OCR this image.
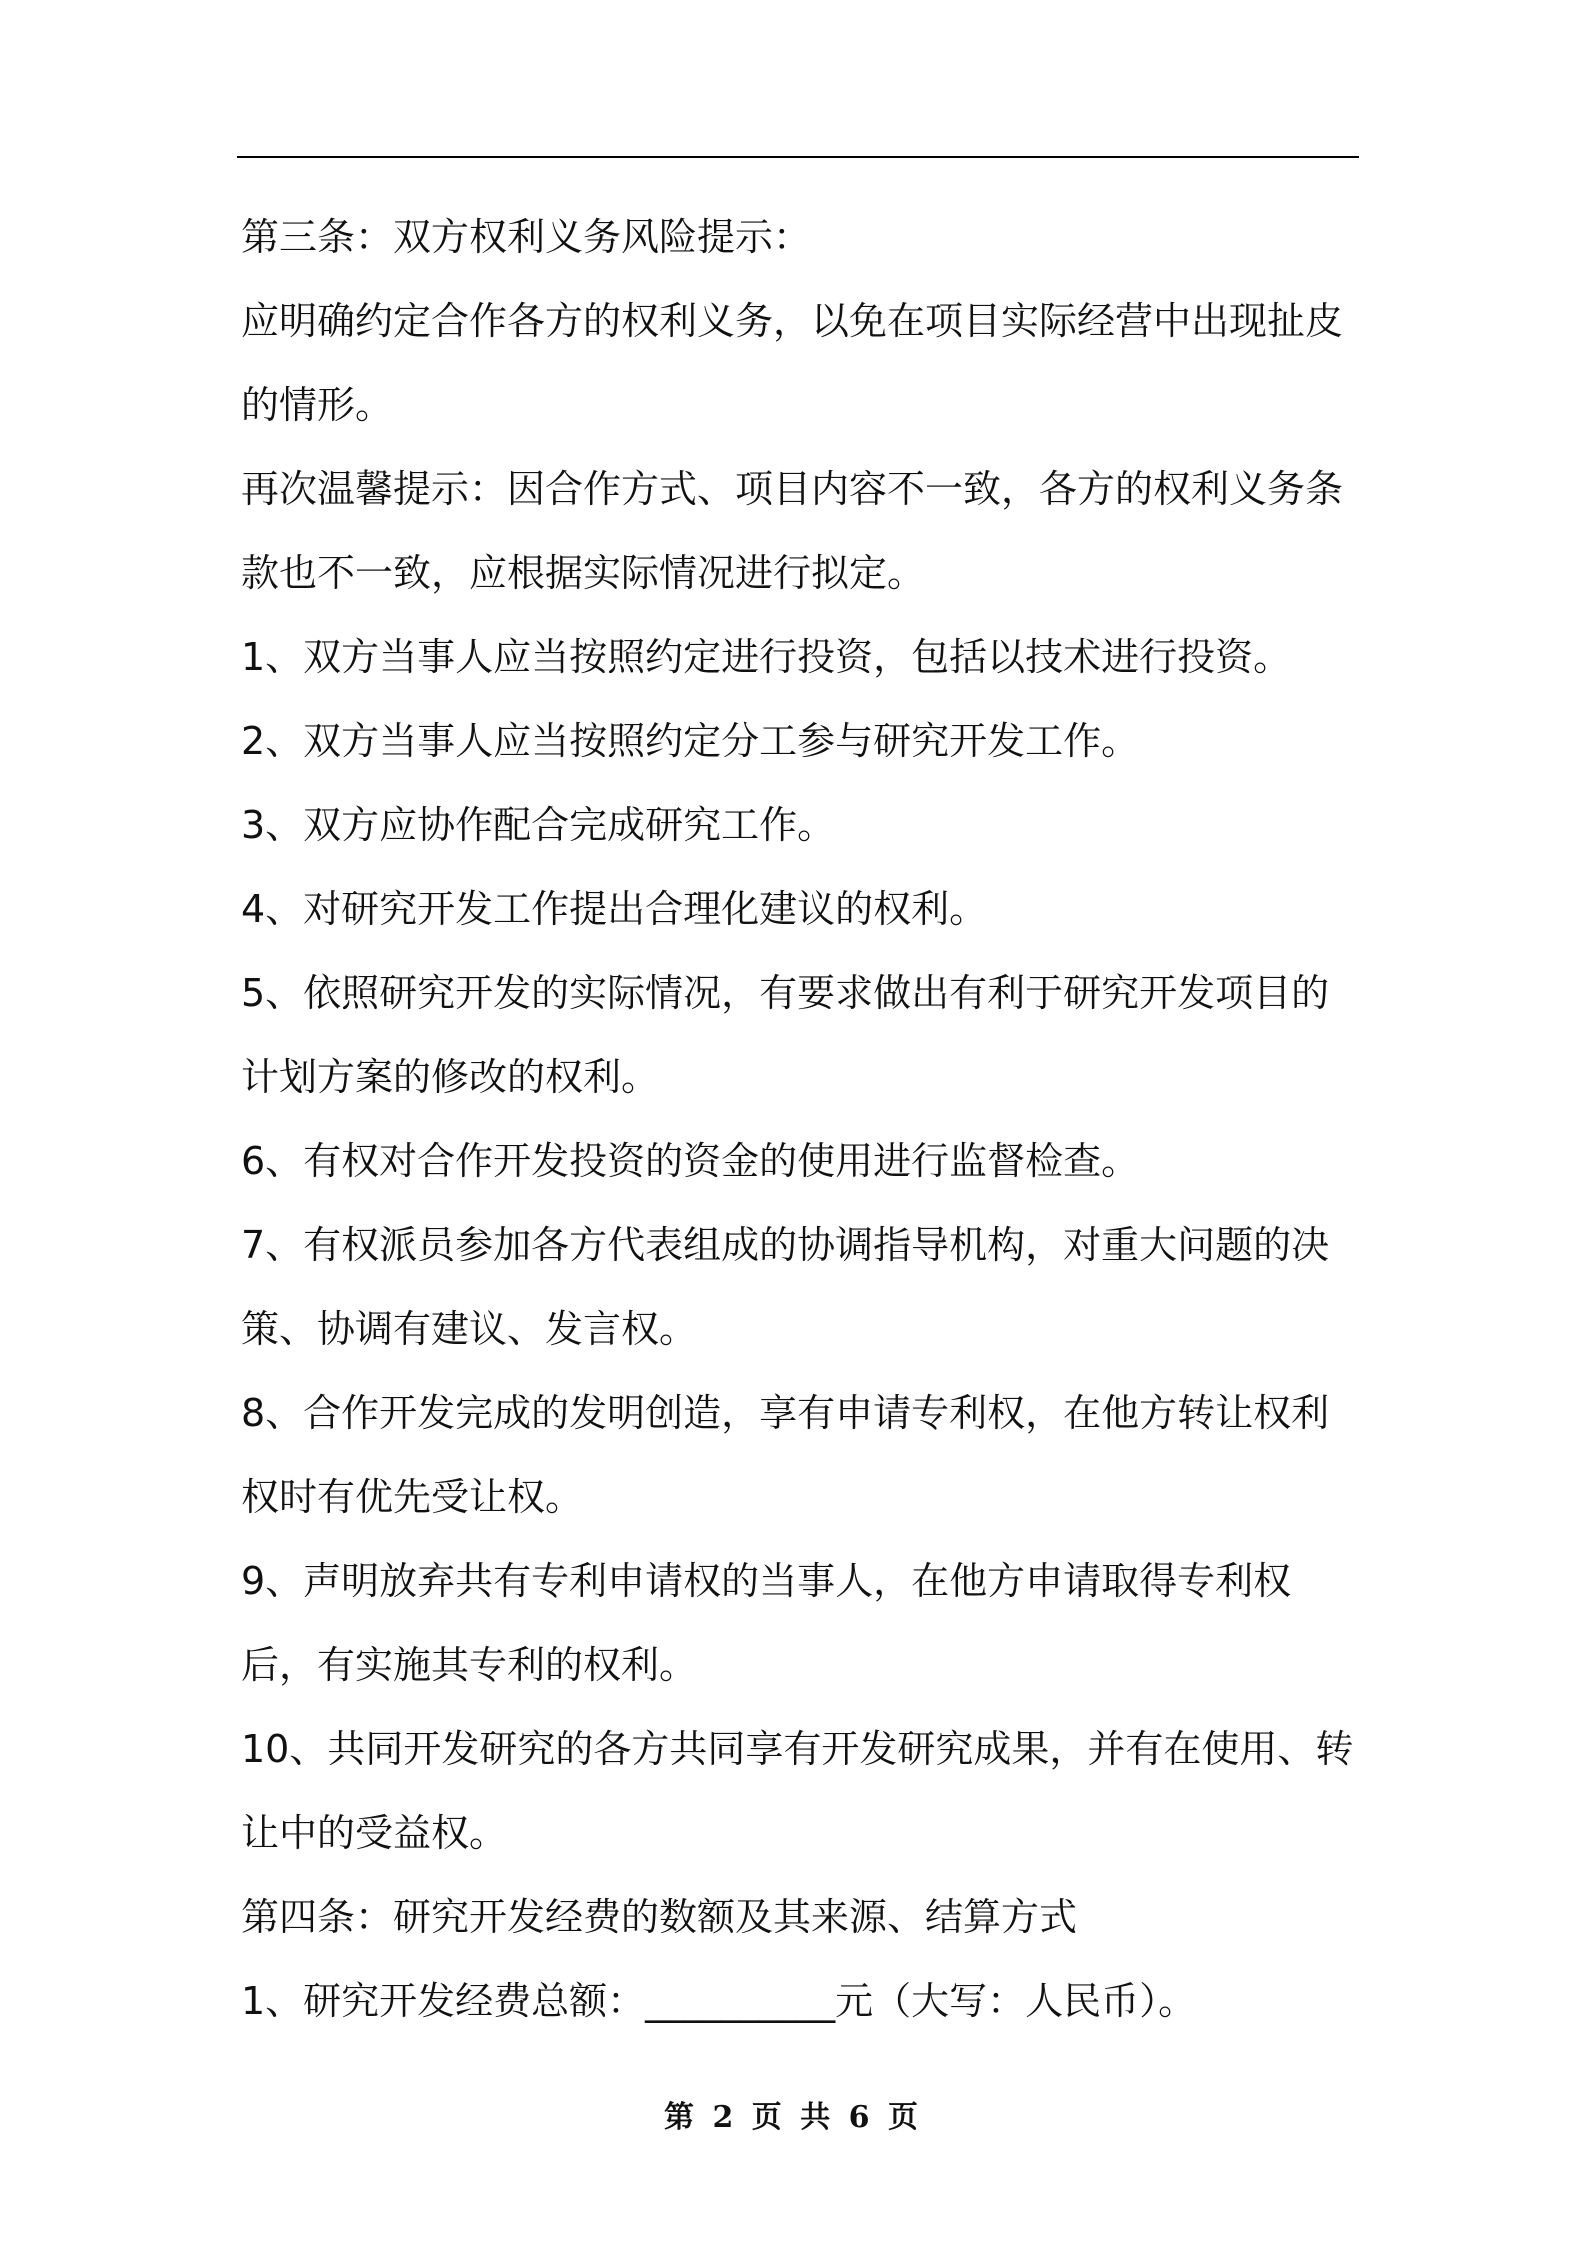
第三条：双方权利义务风险提示：

应明确约定合作各方的权利义务，以免在项目实际经营中出现扯皮的情形。

再次温馨提示：因合作方式、项目内容不一致，各方的权利义务条款也不一致，应根据实际情况进行拟定。

1、双方当事人应当按照约定进行投资，包括以技术进行投资。

2、双方当事人应当按照约定分工参与研究开发工作。

3、双方应协作配合完成研究工作。

4、对研究开发工作提出合理化建议的权利。

5、依照研究开发的实际情况，有要求做出有利于研究开发项目的计划方案的修改的权利。

6、有权对合作开发投资的资金的使用进行监督检查。

7、有权派员参加各方代表组成的协调指导机构，对重大问题的决策、协调有建议、发言权。

8、合作开发完成的发明创造，享有申请专利权，在他方转让权利权时有优先受让权。

9、声明放弃共有专利申请权的当事人，在他方申请取得专利权后，有实施其专利的权利。

10、共同开发研究的各方共同享有开发研究成果，并有在使用、转让中的受益权。

第四条：研究开发经费的数额及其来源、结算方式

1、研究开发经费总额：__________元（大写：人民币）。

第 2 页 共 6 页
